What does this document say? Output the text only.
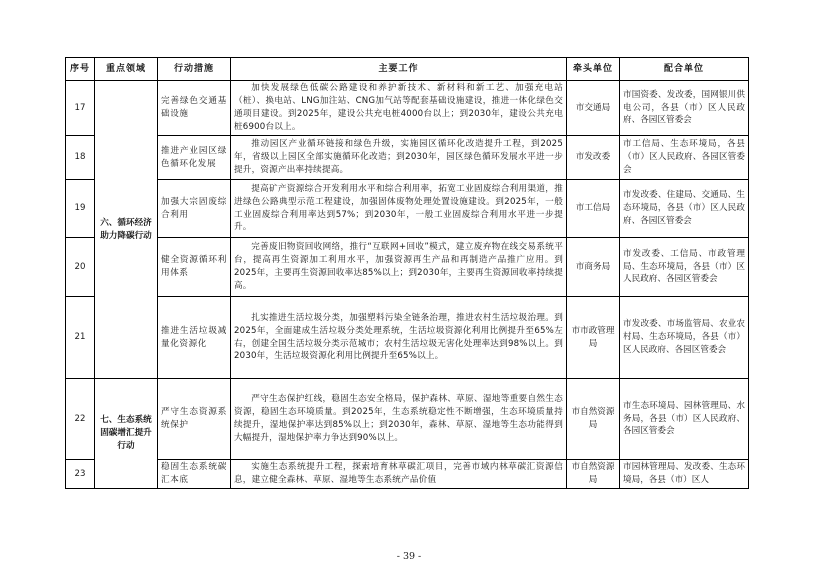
序号	重点领域	行动措施	主要工作	牵头单位	配合单位
17	六、循环经济助力降碳行动	完善绿色交通基础设施	加快发展绿色低碳公路建设和养护新技术、新材料和新工艺、加强充电站（桩）、换电站、LNG加注站、CNG加气站等配套基础设施建设，推进一体化绿色交通项目建设。到2025年，建设公共充电桩4000台以上；到2030年，建设公共充电桩6900台以上。	市交通局	市国资委、发改委，国网银川供电公司，各县（市）区人民政府、各园区管委会
18		推进产业园区绿色循环化发展	推动园区产业循环链接和绿色升级，实施园区循环化改造提升工程，到2025年，省级以上园区全部实施循环化改造；到2030年，园区绿色循环发展水平进一步提升，资源产出率持续提高。	市发改委	市工信局、生态环境局，各县（市）区人民政府、各园区管委会
19		加强大宗固废综合利用	提高矿产资源综合开发利用水平和综合利用率，拓宽工业固废综合利用渠道，推进绿色公路典型示范工程建设，加强固体废物处理处置设施建设。到2025年，一般工业固废综合利用率达到57%；到2030年，一般工业固废综合利用水平进一步提升。	市工信局	市发改委、住建局、交通局、生态环境局，各县（市）区人民政府、各园区管委会
20		健全资源循环利用体系	完善废旧物资回收网络，推行“互联网+回收”模式，建立废弃物在线交易系统平台，提高再生资源加工利用水平，加强资源再生产品和再制造产品推广应用。到2025年，主要再生资源回收率达85%以上；到2030年，主要再生资源回收率持续提高。	市商务局	市发改委、工信局、市政管理局、生态环境局，各县（市）区人民政府、各园区管委会
21		推进生活垃圾减量化资源化	扎实推进生活垃圾分类，加强塑料污染全链条治理，推进农村生活垃圾治理。到2025年，全面建成生活垃圾分类处理系统，生活垃圾资源化利用比例提升至65%左右，创建全国生活垃圾分类示范城市；农村生活垃圾无害化处理率达到98%以上。到2030年，生活垃圾资源化利用比例提升至65%以上。	市市政管理局	市发改委、市场监管局、农业农村局、生态环境局，各县（市）区人民政府、各园区管委会
22	七、生态系统固碳增汇提升行动	严守生态资源系统保护	严守生态保护红线，稳固生态安全格局，保护森林、草原、湿地等重要自然生态资源，稳固生态环境质量。到2025年，生态系统稳定性不断增强，生态环境质量持续提升，湿地保护率达到85%以上；到2030年，森林、草原、湿地等生态功能得到大幅提升，湿地保护率力争达到90%以上。	市自然资源局	市生态环境局、园林管理局、水务局，各县（市）区人民政府、各园区管委会
23		稳固生态系统碳汇本底	实施生态系统提升工程，探索培育林草碳汇项目，完善市域内林草碳汇资源信息，建立健全森林、草原、湿地等生态系统产品价值	市自然资源局	市园林管理局、发改委、生态环境局，各县（市）区人
- 39 -
